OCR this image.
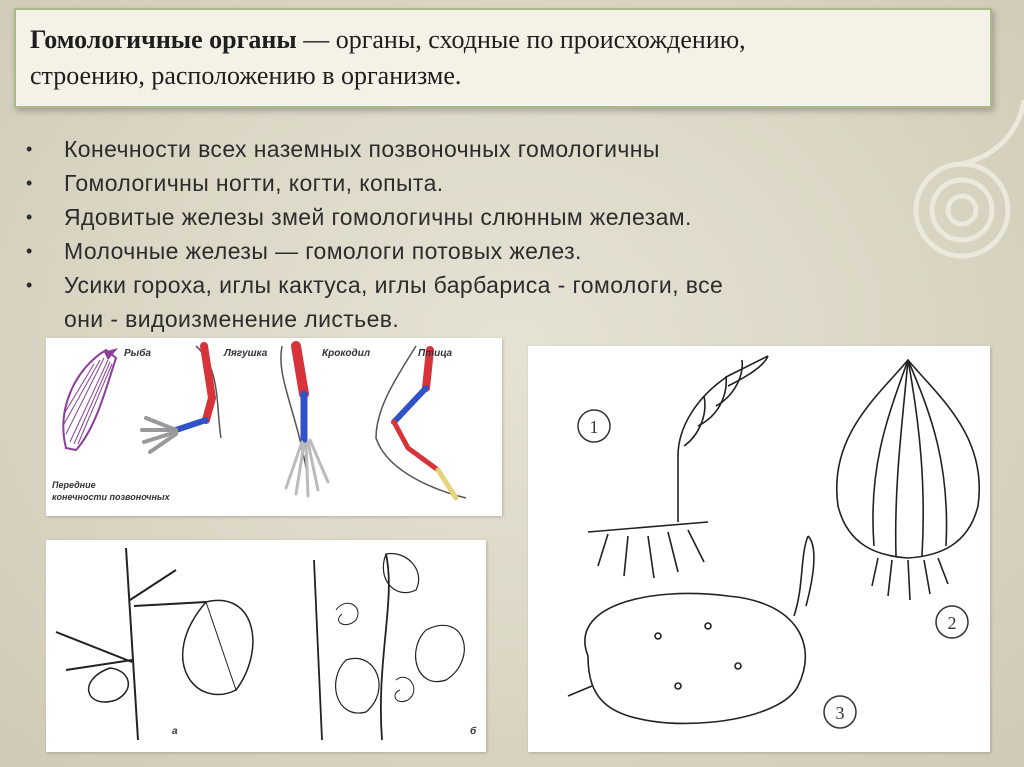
Гомологичные органы — органы, сходные по происхождению,
строению, расположению в организме.

• Конечности всех наземных позвоночных гомологичны
• Гомологичны ногти, когти, копыта.
• Ядовитые железы змей гомологичны слюнным железам.
• Молочные железы — гомологи потовых желез.
• Усики гороха, иглы кактуса, иглы барбариса - гомологи, все
они - видоизменение листьев.
Рыба	Лягушка	Крокодил	Птица
Передние
конечности позвоночных
а	б
1
2
3
